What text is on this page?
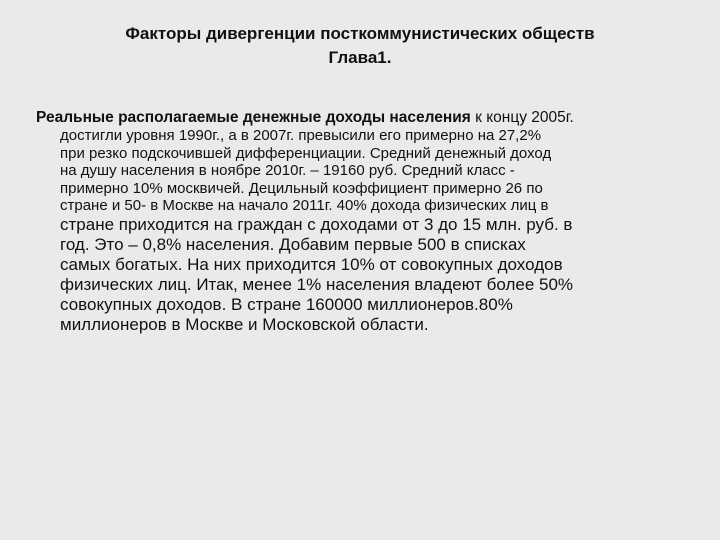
Факторы дивергенции посткоммунистических обществ
Глава1.

Реальные располагаемые денежные доходы населения к концу 2005г.

достигли уровня 1990г., а в 2007г. превысили его примерно на 27,2%

при резко подскочившей дифференциации. Средний денежный доход

на душу населения в ноябре 2010г. – 19160 руб. Средний класс -

примерно 10% москвичей. Децильный коэффициент примерно 26 по

стране и 50- в Москве на начало 2011г. 40% дохода физических лиц в

стране приходится на граждан с доходами от 3 до 15 млн. руб. в

год. Это – 0,8% населения. Добавим первые 500 в списках

самых богатых. На них приходится 10% от совокупных доходов

физических лиц. Итак, менее 1% населения владеют более 50%

совокупных доходов. В стране 160000 миллионеров.80%

миллионеров в Москве и Московской области.
